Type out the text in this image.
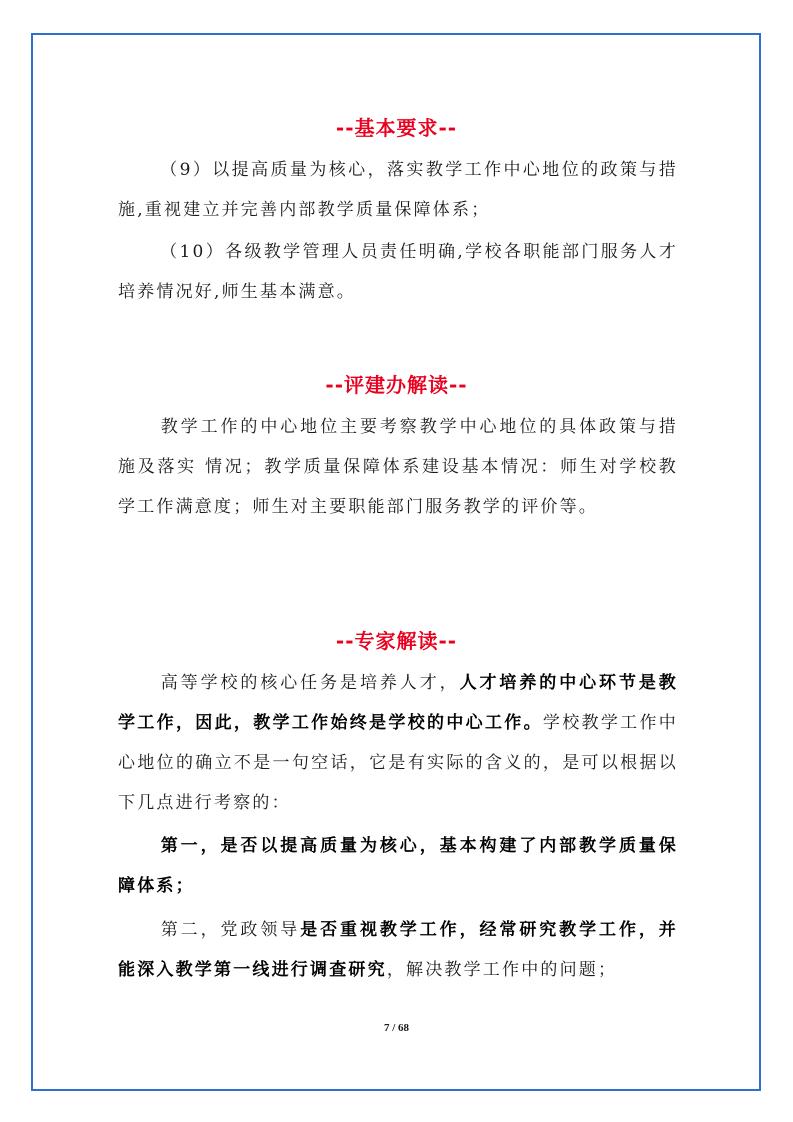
--基本要求--

（9）以提高质量为核心，落实教学工作中心地位的政策与措施,重视建立并完善内部教学质量保障体系；

（10）各级教学管理人员责任明确,学校各职能部门服务人才培养情况好,师生基本满意。

--评建办解读--

教学工作的中心地位主要考察教学中心地位的具体政策与措施及落实 情况；教学质量保障体系建设基本情况：师生对学校教学工作满意度；师生对主要职能部门服务教学的评价等。

--专家解读--

高等学校的核心任务是培养人才，人才培养的中心环节是教学工作，因此，教学工作始终是学校的中心工作。学校教学工作中心地位的确立不是一句空话，它是有实际的含义的，是可以根据以下几点进行考察的：

第一，是否以提高质量为核心，基本构建了内部教学质量保障体系；

第二，党政领导是否重视教学工作，经常研究教学工作，并能深入教学第一线进行调查研究，解决教学工作中的问题；

7 / 68
